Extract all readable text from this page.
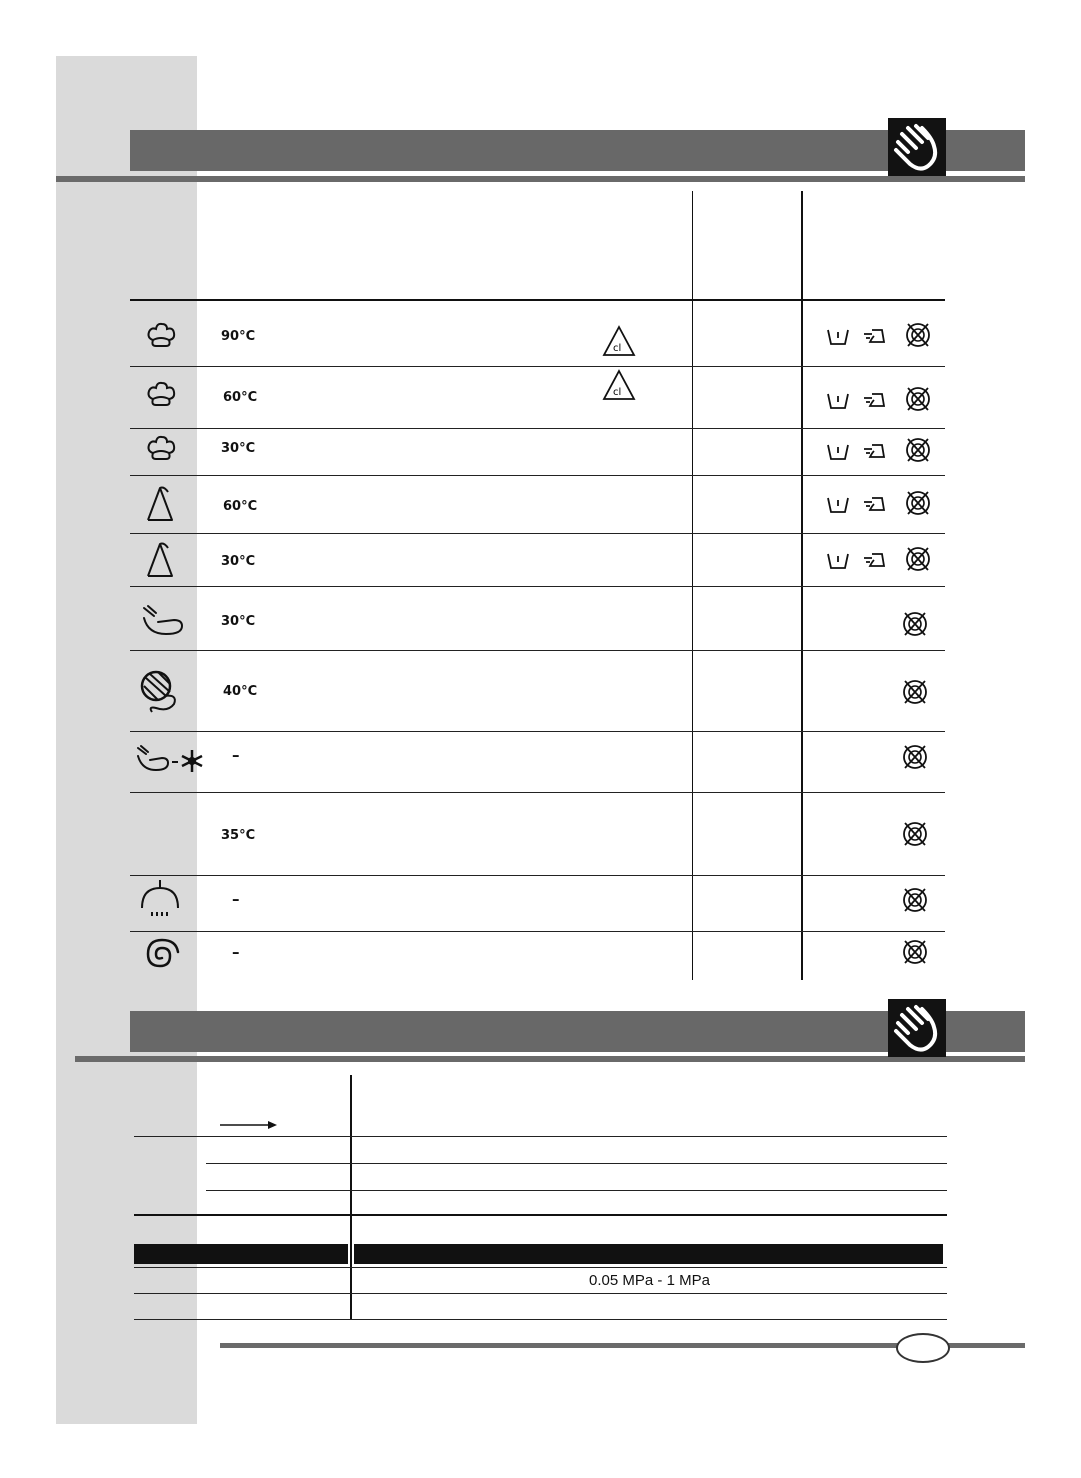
90°C
60°C
30°C
60°C
30°C
30°C
40°C
–
35°C
–
–
cl
cl
0.05 MPa - 1 MPa
